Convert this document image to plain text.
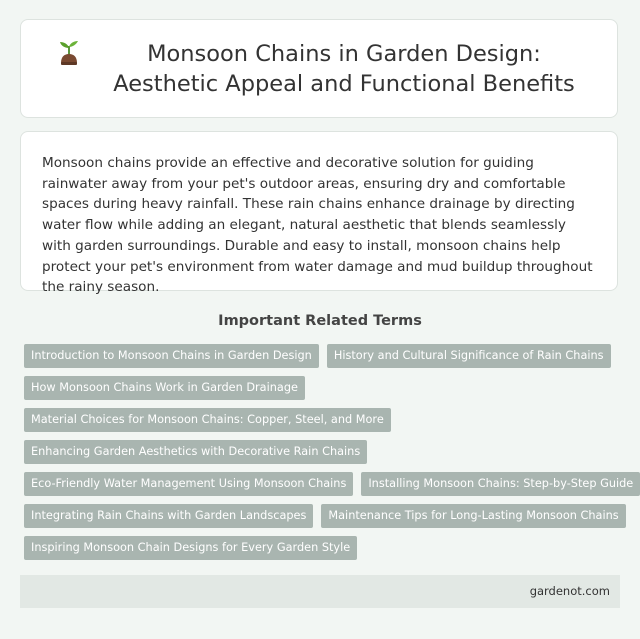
Monsoon Chains in Garden Design: Aesthetic Appeal and Functional Benefits

Monsoon chains provide an effective and decorative solution for guiding rainwater away from your pet's outdoor areas, ensuring dry and comfortable spaces during heavy rainfall. These rain chains enhance drainage by directing water flow while adding an elegant, natural aesthetic that blends seamlessly with garden surroundings. Durable and easy to install, monsoon chains help protect your pet's environment from water damage and mud buildup throughout the rainy season.

Important Related Terms
Introduction to Monsoon Chains in Garden Design	History and Cultural Significance of Rain Chains
How Monsoon Chains Work in Garden Drainage
Material Choices for Monsoon Chains: Copper, Steel, and More
Enhancing Garden Aesthetics with Decorative Rain Chains
Eco-Friendly Water Management Using Monsoon Chains	Installing Monsoon Chains: Step-by-Step Guide
Integrating Rain Chains with Garden Landscapes	Maintenance Tips for Long-Lasting Monsoon Chains
Inspiring Monsoon Chain Designs for Every Garden Style
gardenot.com
